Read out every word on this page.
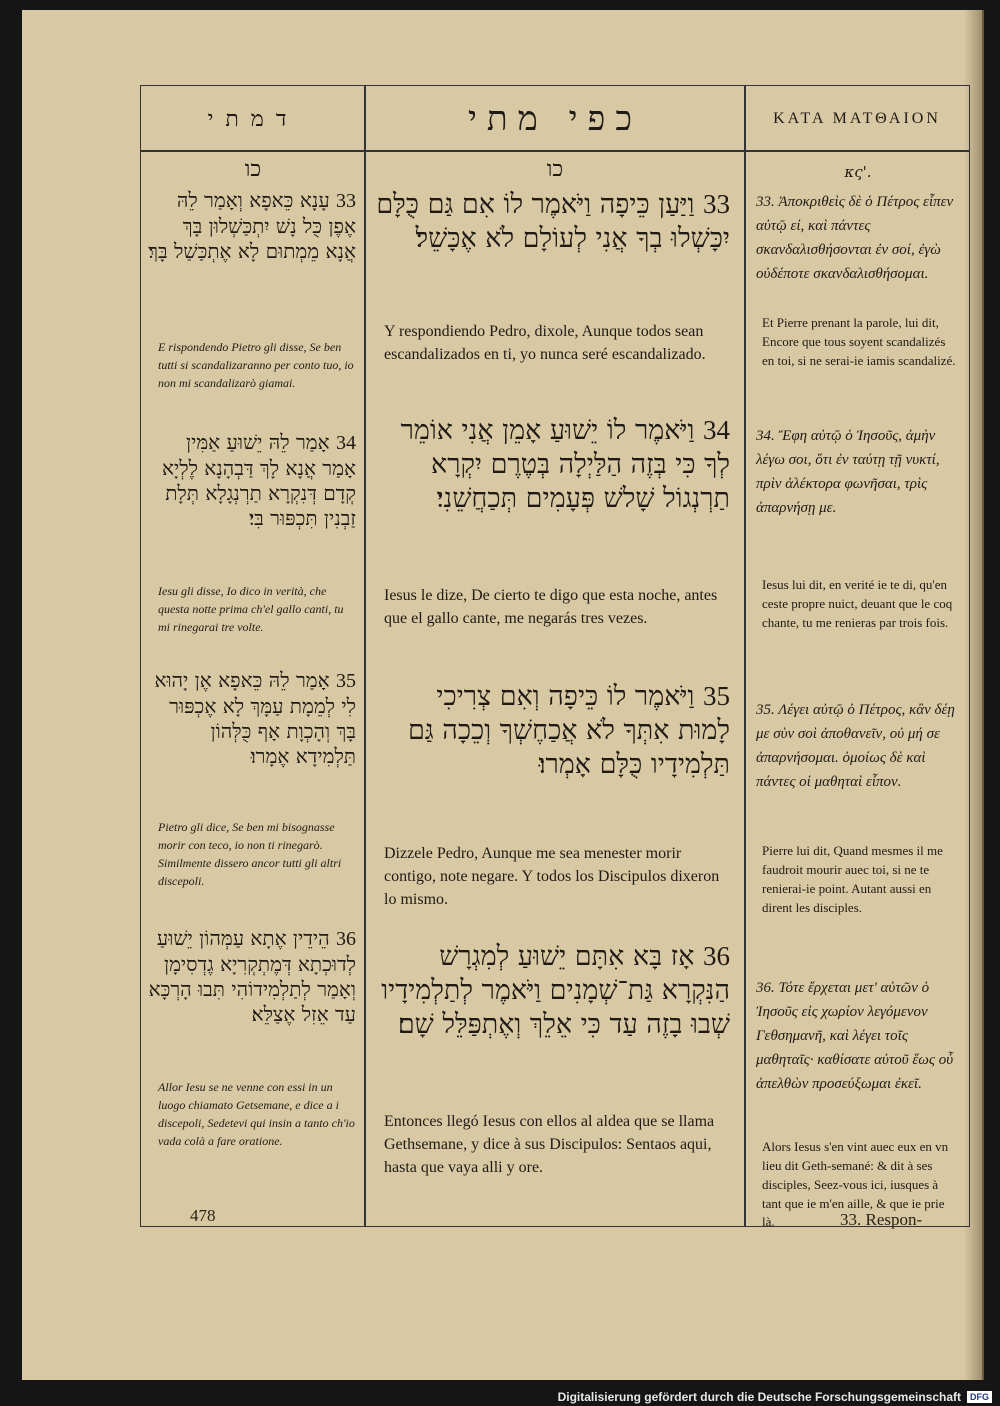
דמתי
כו
33 עָנָא כֵּאפָא וְאָמַר לֵהּ אֶפֶן כֻּל נָשׁ יִתְכַּשְׁלוּן בָּךְ אֲנָא מֵמְתוּם לָא אֶתְכַּשַׁל בָּךְ׃
E rispondendo Pietro gli disse, Se ben tutti si scandalizaranno per conto tuo, io non mi scandalizarò giamai.
34 אָמַר לֵהּ יֵשׁוּעַ אַמִּין אָמַר אֲנָא לָךְ דַּבְהָנָא לֶלְיָא קְדָם דְּנִקְרָא תַרְנְגָלָא תְּלָת זַבְנִין תִּכְפּוּר בִּי׃
Iesu gli disse, Io dico in verità, che questa notte prima ch'el gallo canti, tu mi rinegarai tre volte.
35 אָמַר לֵהּ כֵּאפָא אֶן יָהוּא לִי לְמֵמָת עַמָּךְ לָא אֶכְפּוּר בָּךְ וְהָכְוָת אָף כֻּלְּהוֹן תַּלְמִידָא אֶמָרוּ׃
Pietro gli dice, Se ben mi bisognasse morir con teco, io non ti rinegarò. Similmente dissero ancor tutti gli altri discepoli.
36 הֵידֵין אֶתָא עַמְּהוֹן יֵשׁוּעַ לְדוּכְתָא דְּמֶתְקְרִיָא גֶדְסִימָן וְאָמַר לְתַלְמִידוֹהִי תִּבוּ הָרְכָּא עַד אֵזִל אֶצַלֵּא׃
Allor Iesu se ne venne con essi in un luogo chiamato Getsemane, e dice a i discepoli, Sedetevi qui insin a tanto ch'io vada colà a fare oratione.
כפי מתי
כו
33 וַיַּעַן כֵּיפָה וַיֹּאמֶר לוֹ אִם גַּם כֻּלָּם יִכָּשְׁלוּ בְךָ אֲנִי לְעוֹלָם לֹא אֶכָּשֵׁל׃
Y respondiendo Pedro, dixole, Aunque todos sean escandalizados en ti, yo nunca seré escandalizado.
34 וַיֹּאמֶר לוֹ יֵשׁוּעַ אָמֵן אֲנִי אוֹמֵר לְךָ כִּי בְּזֶה הַלַּיְלָה בְּטֶרֶם יִקְרָא תַרְנְגוֹל שָׁלשׁ פְּעָמִים תְּכַחֲשֵׁנִי׃
Iesus le dize, De cierto te digo que esta noche, antes que el gallo cante, me negarás tres vezes.
35 וַיֹּאמֶר לוֹ כֵּיפָה וְאִם צְרִיכִי לָמוּת אִתְּךָ לֹא אֲכַחֶשְׁךָ וְכֵכָה גַּם תַּלְמִידָיו כֻּלָּם אָמְרוּ׃
Dizzele Pedro, Aunque me sea menester morir contigo, note negare. Y todos los Discipulos dixeron lo mismo.
36 אָז בָּא אִתָּם יֵשׁוּעַ לְמִגְרָשׁ הַנִּקְרָא גַּת־שְׁמָנִים וַיֹּאמֶר לְתַלְמִידָיו שְׁבוּ בָזֶה עַד כִּי אֵלֵךְ וְאֶתְפַּלֵּל שָׁם׃
Entonces llegó Iesus con ellos al aldea que se llama Gethsemane, y dice à sus Discipulos: Sentaos aqui, hasta que vaya alli y ore.
ΚΑΤΑ ΜΑΤΘΑΙΟΝ
κς'.
33. Ἀποκριθεὶς δὲ ὁ Πέτρος εἶπεν αὐτῷ εἰ, καὶ πάντες σκανδαλισθήσονται ἐν σοί, ἐγὼ οὐδέποτε σκανδαλισθήσομαι.
Et Pierre prenant la parole, lui dit, Encore que tous soyent scandalizés en toi, si ne serai-ie iamis scandalizé.
34. Ἔφη αὐτῷ ὁ Ἰησοῦς, ἀμὴν λέγω σοι, ὅτι ἐν ταύτῃ τῇ νυκτί, πρὶν ἀλέκτορα φωνῆσαι, τρὶς ἀπαρνήσῃ με.
Iesus lui dit, en verité ie te di, qu'en ceste propre nuict, deuant que le coq chante, tu me renieras par trois fois.
35. Λέγει αὐτῷ ὁ Πέτρος, κἂν δέῃ με σὺν σοὶ ἀποθανεῖν, οὐ μή σε ἀπαρνήσομαι. ὁμοίως δὲ καὶ πάντες οἱ μαθηταὶ εἶπον.
Pierre lui dit, Quand mesmes il me faudroit mourir auec toi, si ne te renierai-ie point. Autant aussi en dirent les disciples.
36. Τότε ἔρχεται μετ' αὐτῶν ὁ Ἰησοῦς εἰς χωρίον λεγόμενον Γεθσημανῆ, καὶ λέγει τοῖς μαθηταῖς· καθίσατε αὐτοῦ ἕως οὗ ἀπελθὼν προσεύξωμαι ἐκεῖ.
Alors Iesus s'en vint auec eux en vn lieu dit Geth-semané: & dit à ses disciples, Seez-vous ici, iusques à tant que ie m'en aille, & que ie prie là.
478	33. Respon-
Digitalisierung gefördert durch die Deutsche Forschungsgemeinschaft	DFG
